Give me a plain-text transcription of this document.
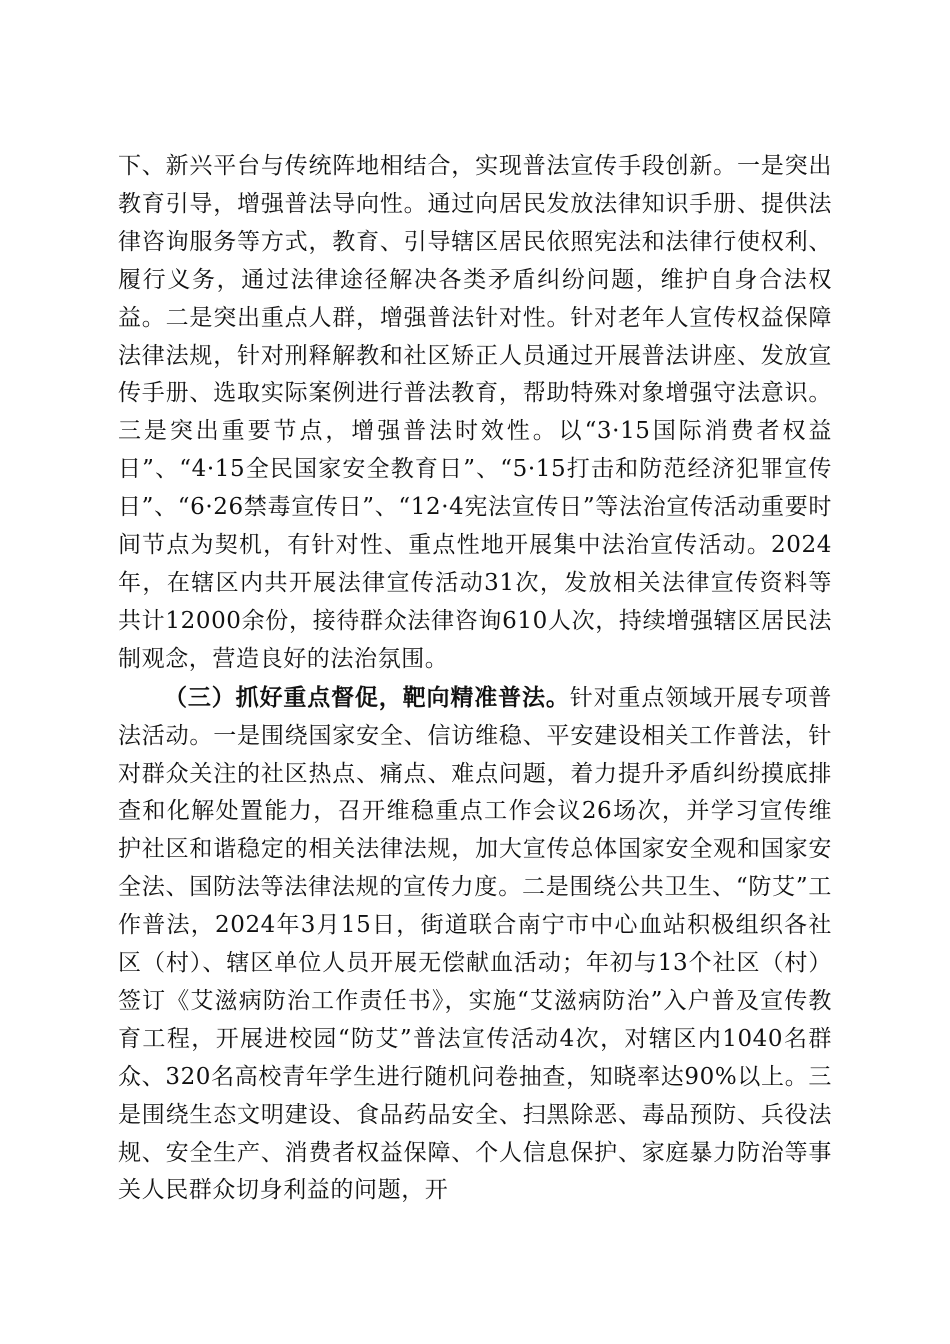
下、新兴平台与传统阵地相结合，实现普法宣传手段创新。一是突出教育引导，增强普法导向性。通过向居民发放法律知识手册、提供法律咨询服务等方式，教育、引导辖区居民依照宪法和法律行使权利、履行义务，通过法律途径解决各类矛盾纠纷问题，维护自身合法权益。二是突出重点人群，增强普法针对性。针对老年人宣传权益保障法律法规，针对刑释解教和社区矫正人员通过开展普法讲座、发放宣传手册、选取实际案例进行普法教育，帮助特殊对象增强守法意识。三是突出重要节点，增强普法时效性。以“3·15国际消费者权益日”、“4·15全民国家安全教育日”、“5·15打击和防范经济犯罪宣传日”、“6·26禁毒宣传日”、“12·4宪法宣传日”等法治宣传活动重要时间节点为契机，有针对性、重点性地开展集中法治宣传活动。2024年，在辖区内共开展法律宣传活动31次，发放相关法律宣传资料等共计12000余份，接待群众法律咨询610人次，持续增强辖区居民法制观念，营造良好的法治氛围。

（三）抓好重点督促，靶向精准普法。针对重点领域开展专项普法活动。一是围绕国家安全、信访维稳、平安建设相关工作普法，针对群众关注的社区热点、痛点、难点问题，着力提升矛盾纠纷摸底排查和化解处置能力，召开维稳重点工作会议26场次，并学习宣传维护社区和谐稳定的相关法律法规，加大宣传总体国家安全观和国家安全法、国防法等法律法规的宣传力度。二是围绕公共卫生、“防艾”工作普法，2024年3月15日，街道联合南宁市中心血站积极组织各社区（村）、辖区单位人员开展无偿献血活动；年初与13个社区（村）签订《艾滋病防治工作责任书》，实施“艾滋病防治”入户普及宣传教育工程，开展进校园“防艾”普法宣传活动4次，对辖区内1040名群众、320名高校青年学生进行随机问卷抽查，知晓率达90%以上。三是围绕生态文明建设、食品药品安全、扫黑除恶、毒品预防、兵役法规、安全生产、消费者权益保障、个人信息保护、家庭暴力防治等事关人民群众切身利益的问题，开
